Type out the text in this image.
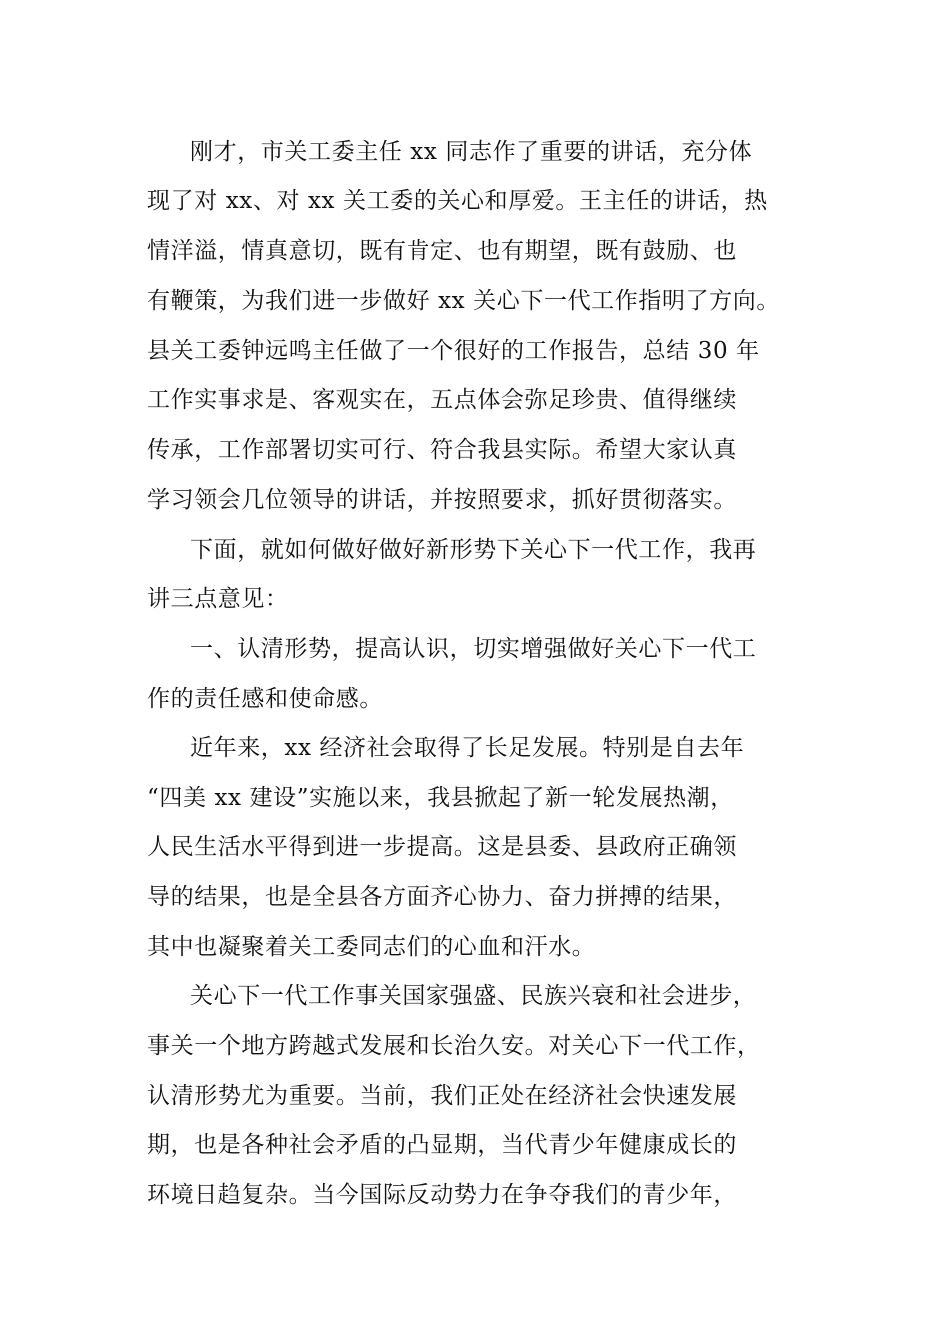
刚才，市关工委主任 xx 同志作了重要的讲话，充分体
现了对 xx、对 xx 关工委的关心和厚爱。王主任的讲话，热
情洋溢，情真意切，既有肯定、也有期望，既有鼓励、也
有鞭策，为我们进一步做好 xx 关心下一代工作指明了方向。
县关工委钟远鸣主任做了一个很好的工作报告，总结 30 年
工作实事求是、客观实在，五点体会弥足珍贵、值得继续
传承，工作部署切实可行、符合我县实际。希望大家认真
学习领会几位领导的讲话，并按照要求，抓好贯彻落实。
下面，就如何做好做好新形势下关心下一代工作，我再
讲三点意见：
一、认清形势，提高认识，切实增强做好关心下一代工
作的责任感和使命感。
近年来，xx 经济社会取得了长足发展。特别是自去年
“四美 xx 建设”实施以来，我县掀起了新一轮发展热潮，
人民生活水平得到进一步提高。这是县委、县政府正确领
导的结果，也是全县各方面齐心协力、奋力拼搏的结果，
其中也凝聚着关工委同志们的心血和汗水。
关心下一代工作事关国家强盛、民族兴衰和社会进步，
事关一个地方跨越式发展和长治久安。对关心下一代工作，
认清形势尤为重要。当前，我们正处在经济社会快速发展
期，也是各种社会矛盾的凸显期，当代青少年健康成长的
环境日趋复杂。当今国际反动势力在争夺我们的青少年，
